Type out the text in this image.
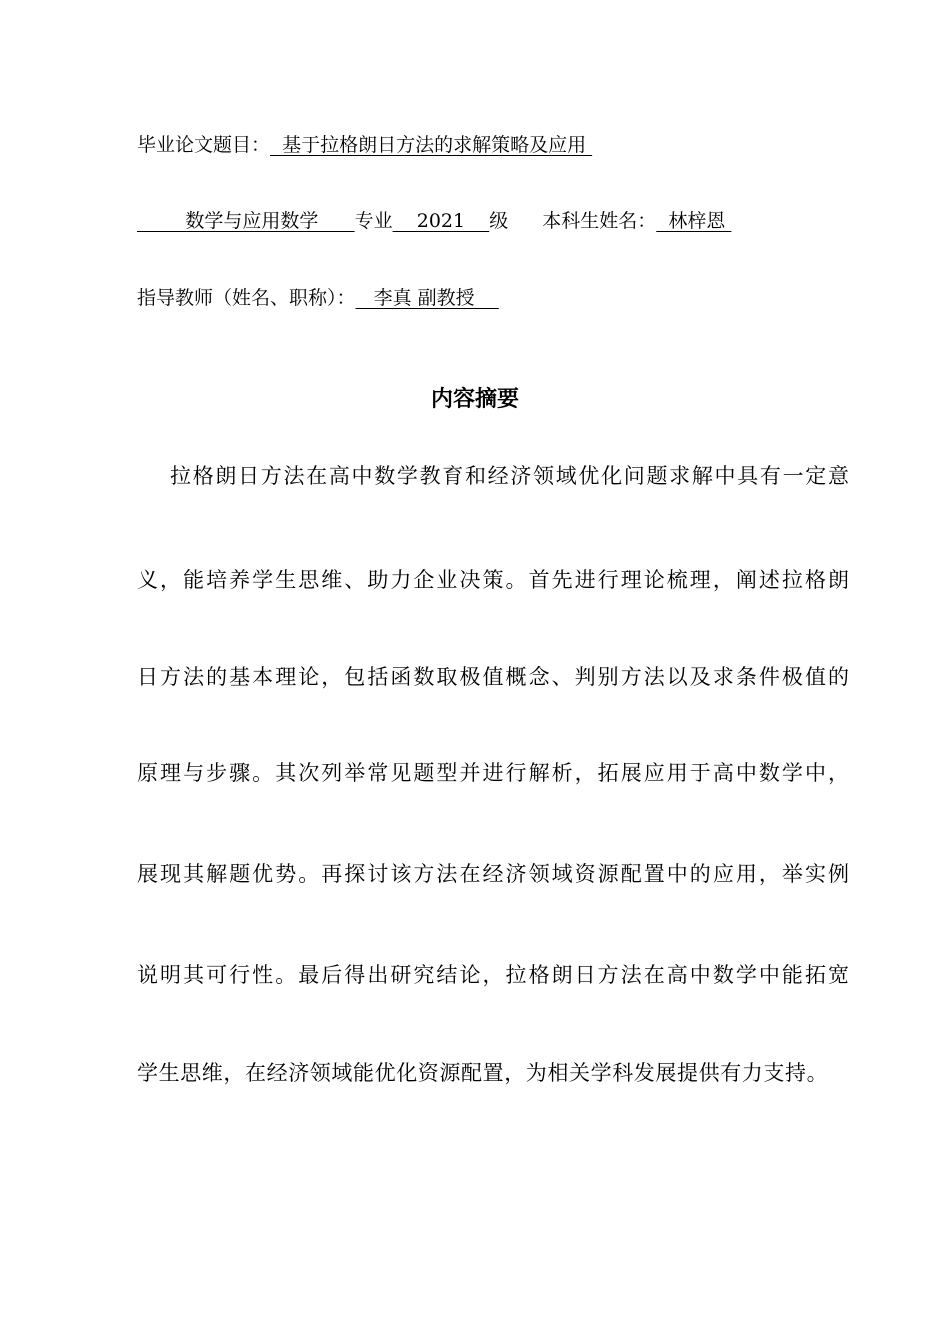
毕业论文题目：  基于拉格朗日方法的求解策略及应用
数学与应用数学      专业    2021    级 本科生姓名：  林梓恩
指导教师（姓名、职称）：   李真 副教授
内容摘要
拉格朗日方法在高中数学教育和经济领域优化问题求解中具有一定意
义，能培养学生思维、助力企业决策。首先进行理论梳理，阐述拉格朗
日方法的基本理论，包括函数取极值概念、判别方法以及求条件极值的
原理与步骤。其次列举常见题型并进行解析，拓展应用于高中数学中，
展现其解题优势。再探讨该方法在经济领域资源配置中的应用，举实例
说明其可行性。最后得出研究结论，拉格朗日方法在高中数学中能拓宽
学生思维，在经济领域能优化资源配置，为相关学科发展提供有力支持。
